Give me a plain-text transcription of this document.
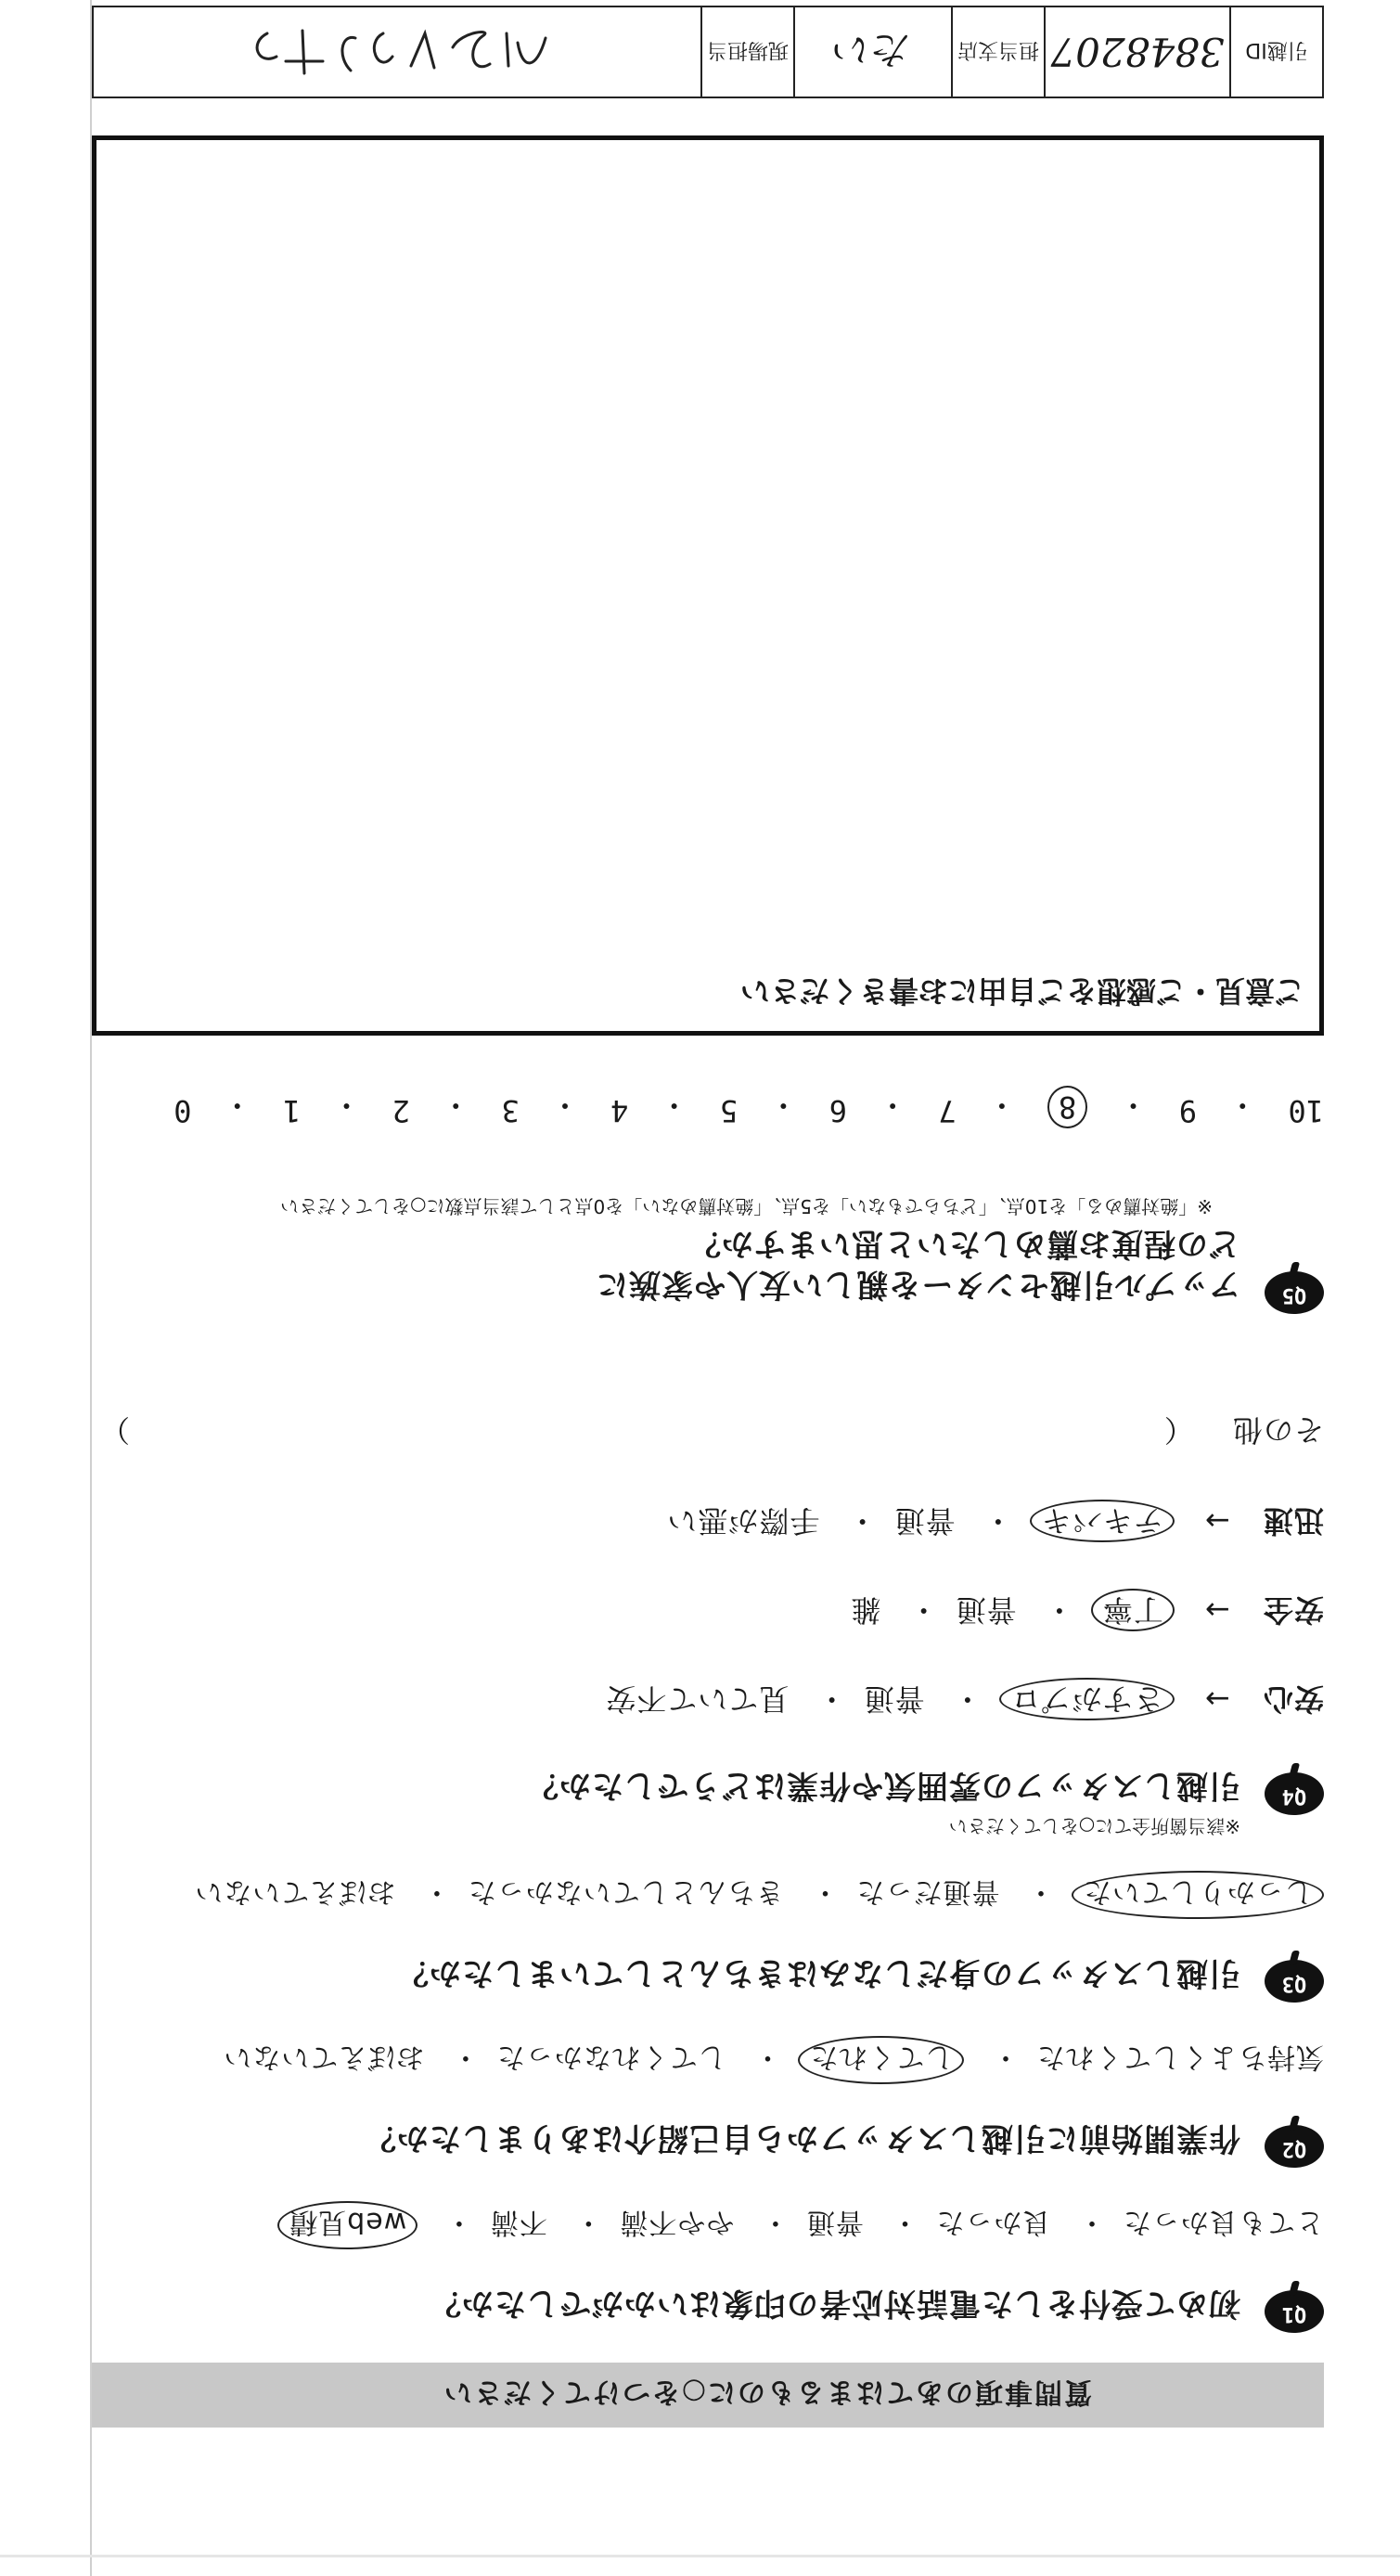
質問事項のあてはまるものに○をつけてください
Q1
初めて受付をした電話対応者の印象はいかがでしたか？
とても良かった・ 良かった・ 普通・ やや不満・ 不満・ web見積
Q2
作業開始前に引越しスタッフから自己紹介はありましたか？
気持ちよくしてくれた・ してくれた・ してくれなかった・ おぼえていない
Q3
引越しスタッフの身だしなみはきちんとしていましたか？
しっかりしていた・ 普通だった・ きちんとしていなかった・ おぼえていない
Q4
引越しスタッフの雰囲気や作業はどうでしたか？
※該当箇所全てに○をしてください
安心→ さすがプロ・ 普通・ 見ていて不安
安全→ 丁寧・ 普通・ 雑
迅速→ テキパキ・ 普通・ 手際が悪い
その他 （
）
Q5
アップル引越センターを親しい友人や家族に
どの程度お薦めしたいと思いますか？
※「絶対薦める」を10点、「どちらでもない」を5点、「絶対薦めない」を0点として該当点数に○をしてください
10
・
9
・
8
・
7
・
6
・
5
・
4
・
3
・
2
・
1
・
0
ご意見・ご感想をご自由にお書きください
引越ID
3848207
担当支店
たい
現場担当
